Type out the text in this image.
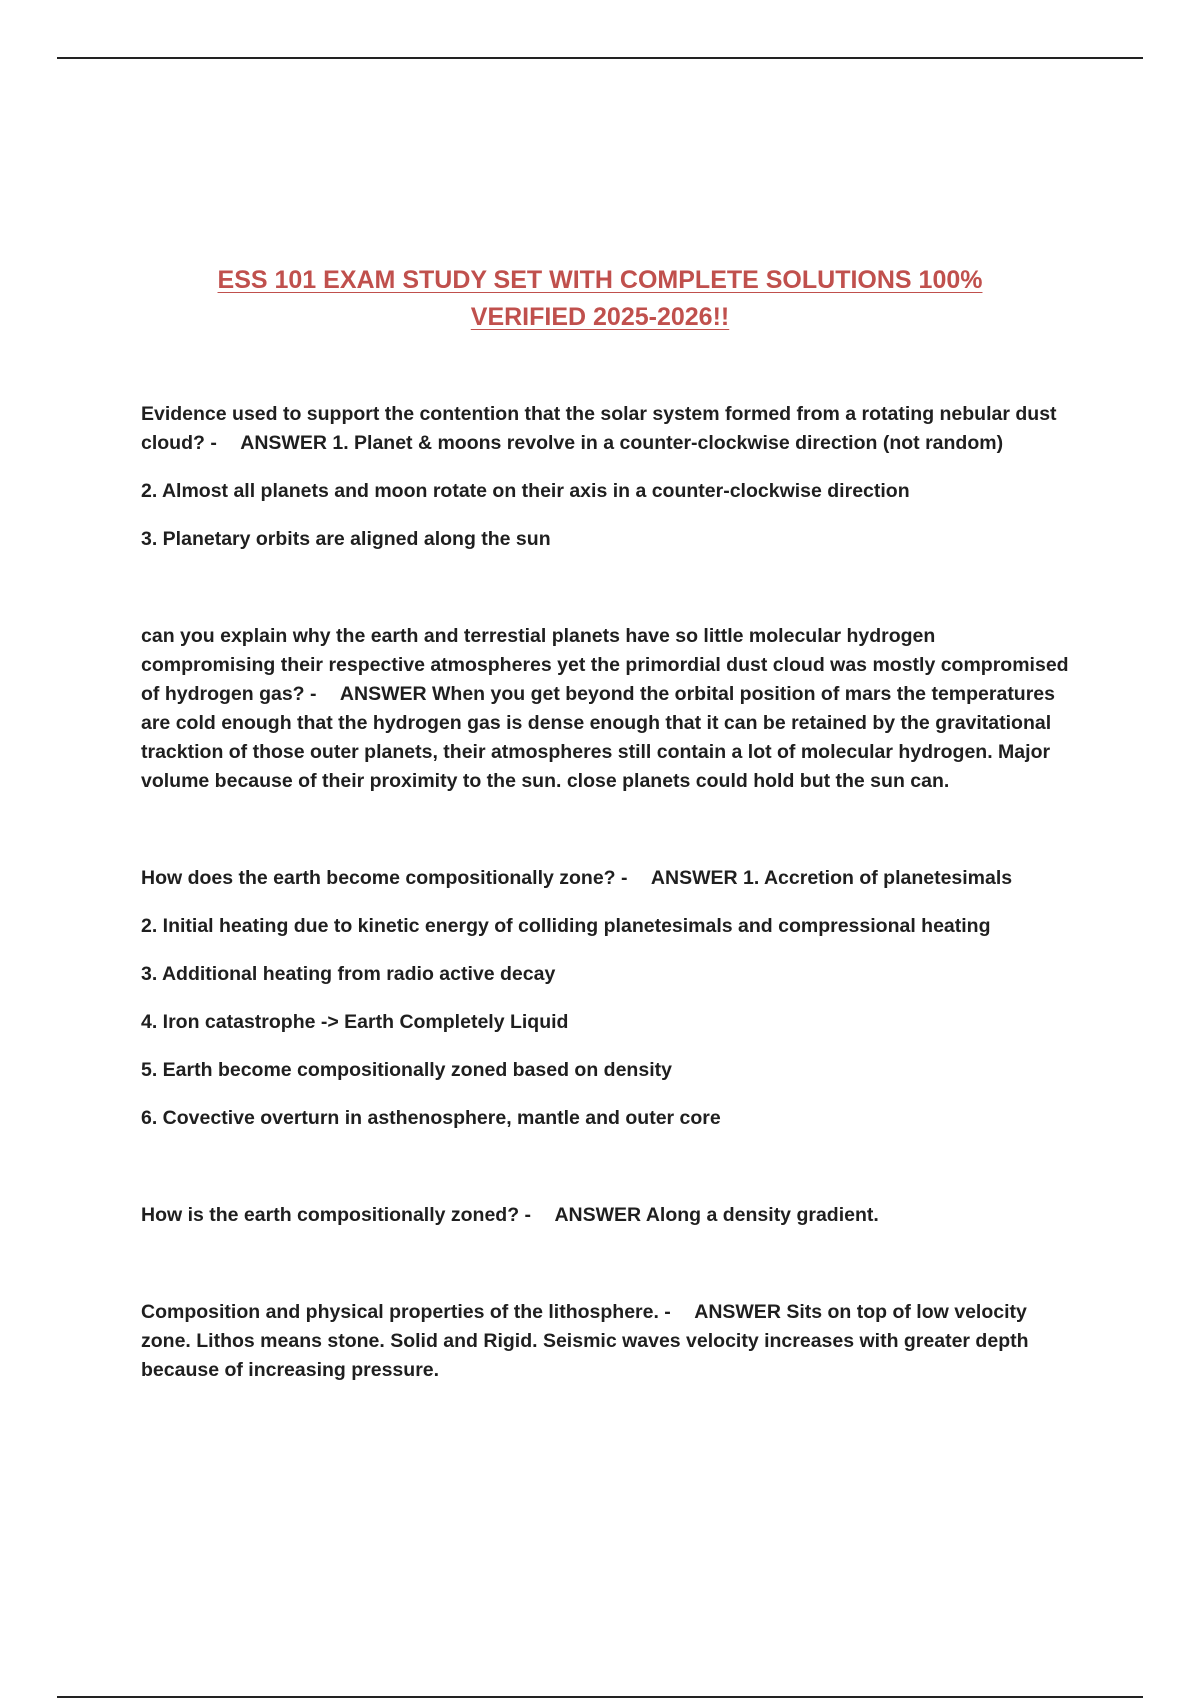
ESS 101 EXAM STUDY SET WITH COMPLETE SOLUTIONS 100%
VERIFIED 2025-2026!!

Evidence used to support the contention that the solar system formed from a rotating nebular dust cloud? - ANSWER 1. Planet & moons revolve in a counter-clockwise direction (not random)

2. Almost all planets and moon rotate on their axis in a counter-clockwise direction

3. Planetary orbits are aligned along the sun

can you explain why the earth and terrestial planets have so little molecular hydrogen compromising their respective atmospheres yet the primordial dust cloud was mostly compromised of hydrogen gas? - ANSWER When you get beyond the orbital position of mars the temperatures are cold enough that the hydrogen gas is dense enough that it can be retained by the gravitational tracktion of those outer planets, their atmospheres still contain a lot of molecular hydrogen. Major volume because of their proximity to the sun. close planets could hold but the sun can.

How does the earth become compositionally zone? - ANSWER 1. Accretion of planetesimals

2. Initial heating due to kinetic energy of colliding planetesimals and compressional heating

3. Additional heating from radio active decay

4. Iron catastrophe -> Earth Completely Liquid

5. Earth become compositionally zoned based on density

6. Covective overturn in asthenosphere, mantle and outer core

How is the earth compositionally zoned? - ANSWER Along a density gradient.

Composition and physical properties of the lithosphere. - ANSWER Sits on top of low velocity zone. Lithos means stone. Solid and Rigid. Seismic waves velocity increases with greater depth because of increasing pressure.
